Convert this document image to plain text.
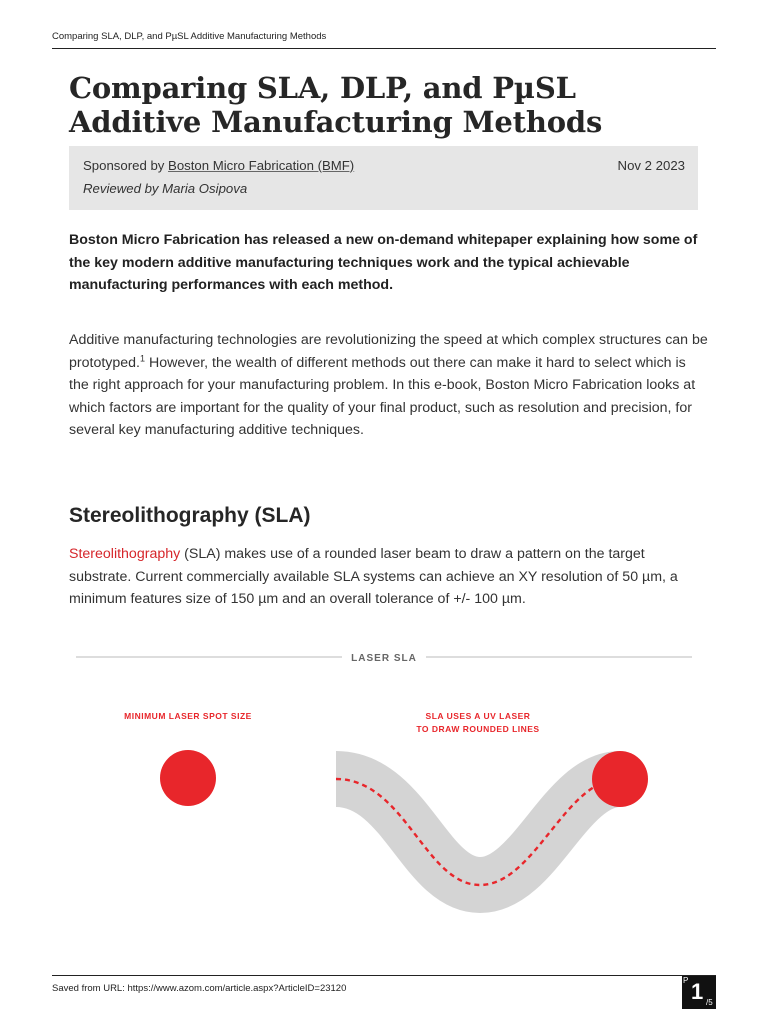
Comparing SLA, DLP, and PµSL Additive Manufacturing Methods
Comparing SLA, DLP, and PµSL Additive Manufacturing Methods
Sponsored by Boston Micro Fabrication (BMF)	Nov 2 2023
Reviewed by Maria Osipova

Boston Micro Fabrication has released a new on-demand whitepaper explaining how some of the key modern additive manufacturing techniques work and the typical achievable manufacturing performances with each method.

Additive manufacturing technologies are revolutionizing the speed at which complex structures can be prototyped.$^1$ However, the wealth of different methods out there can make it hard to select which is the right approach for your manufacturing problem. In this e-book, Boston Micro Fabrication looks at which factors are important for the quality of your final product, such as resolution and precision, for several key manufacturing additive techniques.

Stereolithography (SLA)

Stereolithography (SLA) makes use of a rounded laser beam to draw a pattern on the target substrate. Current commercially available SLA systems can achieve an XY resolution of 50 µm, a minimum features size of 150 µm and an overall tolerance of +/- 100 µm.

LASER SLA
MINIMUM LASER SPOT SIZE	SLA USES A UV LASER
TO DRAW ROUNDED LINES
Saved from URL: https://www.azom.com/article.aspx?ArticleID=23120
P 1 /5
